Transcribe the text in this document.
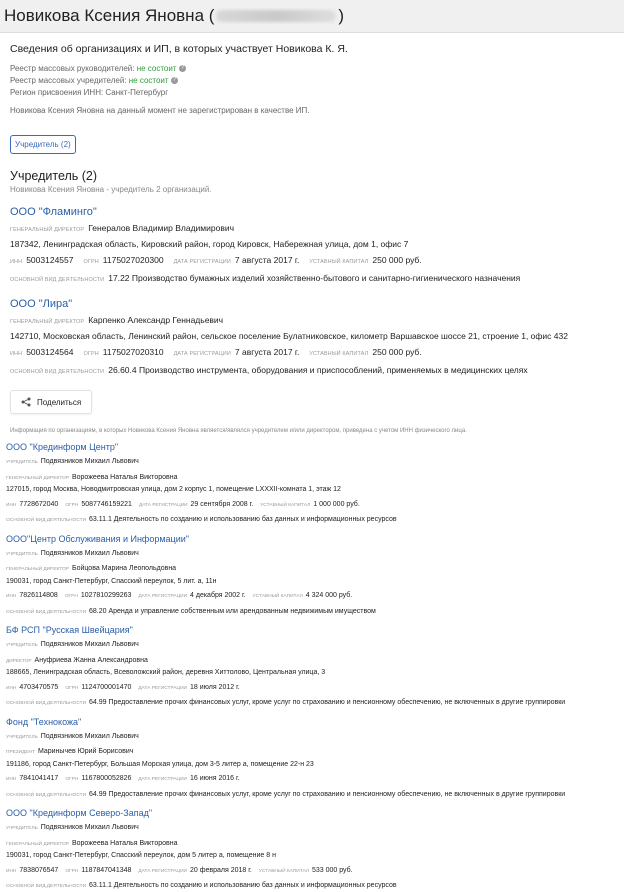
Новикова Ксения Яновна (	)
Сведения об организациях и ИП, в которых участвует Новикова К. Я.
Реестр массовых руководителей: не состоит ?
Реестр массовых учредителей: не состоит ?
Регион присвоения ИНН: Санкт-Петербург
Новикова Ксения Яновна на данный момент не зарегистрирован в качестве ИП.
Учредитель (2)
Учредитель (2)
Новикова Ксения Яновна - учредитель 2 организаций.
ООО "Фламинго"
ГЕНЕРАЛЬНЫЙ ДИРЕКТОР Генералов Владимир Владимирович
187342, Ленинградская область, Кировский район, город Кировск, Набережная улица, дом 1, офис 7
ИНН 5003124557 ОГРН 1175027020300 ДАТА РЕГИСТРАЦИИ 7 августа 2017 г. УСТАВНЫЙ КАПИТАЛ 250 000 руб.
ОСНОВНОЙ ВИД ДЕЯТЕЛЬНОСТИ 17.22 Производство бумажных изделий хозяйственно-бытового и санитарно-гигиенического назначения
ООО "Лира"
ГЕНЕРАЛЬНЫЙ ДИРЕКТОР Карпенко Александр Геннадьевич
142710, Московская область, Ленинский район, сельское поселение Булатниковское, километр Варшавское шоссе 21, строение 1, офис 432
ИНН 5003124564 ОГРН 1175027020310 ДАТА РЕГИСТРАЦИИ 7 августа 2017 г. УСТАВНЫЙ КАПИТАЛ 250 000 руб.
ОСНОВНОЙ ВИД ДЕЯТЕЛЬНОСТИ 26.60.4 Производство инструмента, оборудования и приспособлений, применяемых в медицинских целях
Поделиться
Информация по организациям, в которых Новикова Ксения Яновна является/являлся учредителем и/или директором, приведена с учетом ИНН физического лица.
ООО "Крединформ Центр"
УЧРЕДИТЕЛЬ Подвязников Михаил Львович
ГЕНЕРАЛЬНЫЙ ДИРЕКТОР Ворожеева Наталья Викторовна
127015, город Москва, Новодмитровская улица, дом 2 корпус 1, помещение LXXXII-комната 1, этаж 12
ИНН 7728672040 ОГРН 5087746159221 ДАТА РЕГИСТРАЦИИ 29 сентября 2008 г. УСТАВНЫЙ КАПИТАЛ 1 000 000 руб.
ОСНОВНОЙ ВИД ДЕЯТЕЛЬНОСТИ 63.11.1 Деятельность по созданию и использованию баз данных и информационных ресурсов
ООО"Центр Обслуживания и Информации"
УЧРЕДИТЕЛЬ Подвязников Михаил Львович
ГЕНЕРАЛЬНЫЙ ДИРЕКТОР Бойцова Марина Леопольдовна
190031, город Санкт-Петербург, Спасский переулок, 5 лит. а, 11н
ИНН 7826114808 ОГРН 1027810299263 ДАТА РЕГИСТРАЦИИ 4 декабря 2002 г. УСТАВНЫЙ КАПИТАЛ 4 324 000 руб.
ОСНОВНОЙ ВИД ДЕЯТЕЛЬНОСТИ 68.20 Аренда и управление собственным или арендованным недвижимым имуществом
БФ РСП "Русская Швейцария"
УЧРЕДИТЕЛЬ Подвязников Михаил Львович
ДИРЕКТОР Ануфриева Жанна Александровна
188665, Ленинградская область, Всеволожский район, деревня Хиттолово, Центральная улица, 3
ИНН 4703470575 ОГРН 1124700001470 ДАТА РЕГИСТРАЦИИ 18 июля 2012 г.
ОСНОВНОЙ ВИД ДЕЯТЕЛЬНОСТИ 64.99 Предоставление прочих финансовых услуг, кроме услуг по страхованию и пенсионному обеспечению, не включенных в другие группировки
Фонд "Технокожа"
УЧРЕДИТЕЛЬ Подвязников Михаил Львович
ПРЕЗИДЕНТ Маринычев Юрий Борисович
191186, город Санкт-Петербург, Большая Морская улица, дом 3-5 литер а, помещение 22-н 23
ИНН 7841041417 ОГРН 1167800052826 ДАТА РЕГИСТРАЦИИ 16 июня 2016 г.
ОСНОВНОЙ ВИД ДЕЯТЕЛЬНОСТИ 64.99 Предоставление прочих финансовых услуг, кроме услуг по страхованию и пенсионному обеспечению, не включенных в другие группировки
ООО "Крединформ Северо-Запад"
УЧРЕДИТЕЛЬ Подвязников Михаил Львович
ГЕНЕРАЛЬНЫЙ ДИРЕКТОР Ворожеева Наталья Викторовна
190031, город Санкт-Петербург, Спасский переулок, дом 5 литер а, помещение 8 н
ИНН 7838076547 ОГРН 1187847041348 ДАТА РЕГИСТРАЦИИ 20 февраля 2018 г. УСТАВНЫЙ КАПИТАЛ 533 000 руб.
ОСНОВНОЙ ВИД ДЕЯТЕЛЬНОСТИ 63.11.1 Деятельность по созданию и использованию баз данных и информационных ресурсов
